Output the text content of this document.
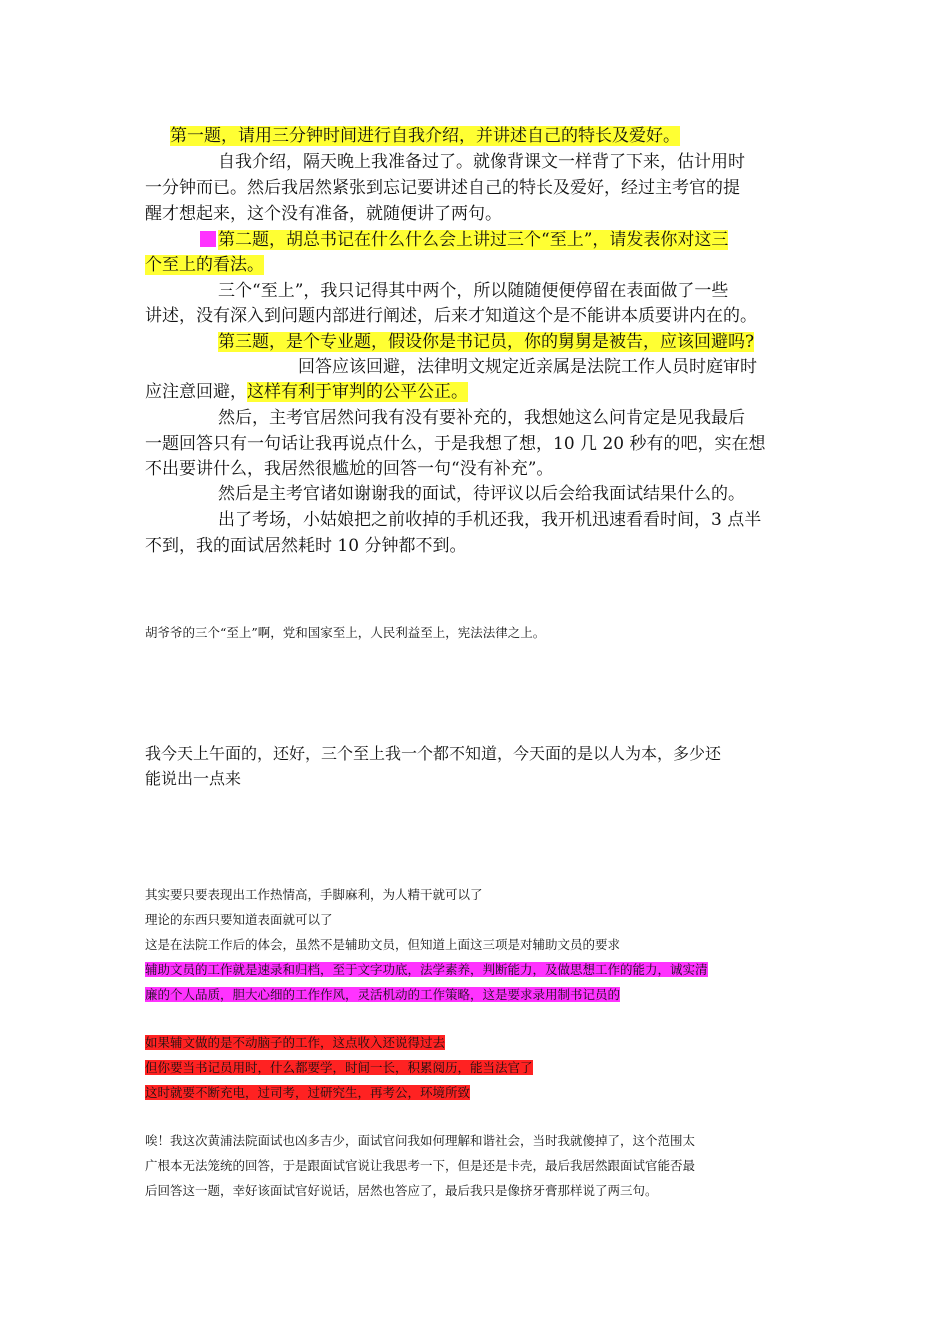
第一题，请用三分钟时间进行自我介绍，并讲述自己的特长及爱好。
自我介绍，隔天晚上我准备过了。就像背课文一样背了下来，估计用时
一分钟而已。然后我居然紧张到忘记要讲述自己的特长及爱好，经过主考官的提
醒才想起来，这个没有准备，就随便讲了两句。
第二题，胡总书记在什么什么会上讲过三个“至上”，请发表你对这三
个至上的看法。
三个“至上”，我只记得其中两个，所以随随便便停留在表面做了一些
讲述，没有深入到问题内部进行阐述，后来才知道这个是不能讲本质要讲内在的。
第三题，是个专业题，假设你是书记员，你的舅舅是被告，应该回避吗?
回答应该回避，法律明文规定近亲属是法院工作人员时庭审时
应注意回避，这样有利于审判的公平公正。
然后，主考官居然问我有没有要补充的，我想她这么问肯定是见我最后
一题回答只有一句话让我再说点什么，于是我想了想，10 几 20 秒有的吧，实在想
不出要讲什么，我居然很尴尬的回答一句“没有补充”。
然后是主考官诸如谢谢我的面试，待评议以后会给我面试结果什么的。
出了考场，小姑娘把之前收掉的手机还我，我开机迅速看看时间，3 点半
不到，我的面试居然耗时 10 分钟都不到。
胡爷爷的三个“至上”啊，党和国家至上，人民利益至上，宪法法律之上。
我今天上午面的，还好，三个至上我一个都不知道，今天面的是以人为本，多少还
能说出一点来
其实要只要表现出工作热情高，手脚麻利，为人精干就可以了
理论的东西只要知道表面就可以了
这是在法院工作后的体会，虽然不是辅助文员，但知道上面这三项是对辅助文员的要求
辅助文员的工作就是速录和归档，至于文字功底，法学素养，判断能力，及做思想工作的能力，诚实清
廉的个人品质，胆大心细的工作作风，灵活机动的工作策略，这是要求录用制书记员的
如果辅文做的是不动脑子的工作，这点收入还说得过去
但你要当书记员用时，什么都要学，时间一长，积累阅历，能当法官了
这时就要不断充电，过司考，过研究生，再考公，环境所致
唉！我这次黄浦法院面试也凶多吉少，面试官问我如何理解和谐社会，当时我就傻掉了，这个范围太
广根本无法笼统的回答，于是跟面试官说让我思考一下，但是还是卡壳，最后我居然跟面试官能否最
后回答这一题，幸好该面试官好说话，居然也答应了，最后我只是像挤牙膏那样说了两三句。
